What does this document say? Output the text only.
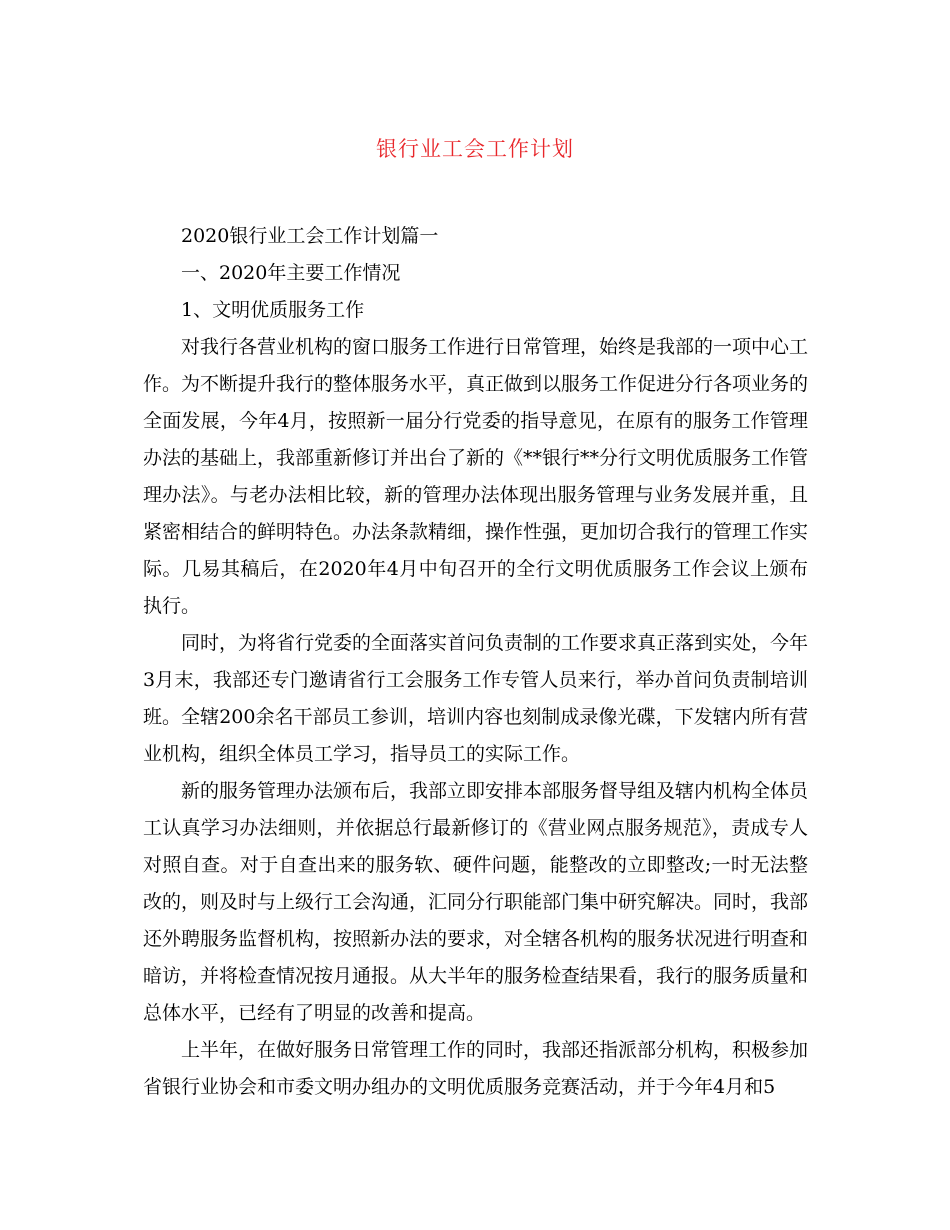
银行业工会工作计划

2020银行业工会工作计划篇一

一、2020年主要工作情况

1、文明优质服务工作

对我行各营业机构的窗口服务工作进行日常管理，始终是我部的一项中心工作。为不断提升我行的整体服务水平，真正做到以服务工作促进分行各项业务的全面发展，今年4月，按照新一届分行党委的指导意见，在原有的服务工作管理办法的基础上，我部重新修订并出台了新的《**银行**分行文明优质服务工作管理办法》。与老办法相比较，新的管理办法体现出服务管理与业务发展并重，且紧密相结合的鲜明特色。办法条款精细，操作性强，更加切合我行的管理工作实际。几易其稿后，在2020年4月中旬召开的全行文明优质服务工作会议上颁布执行。

同时，为将省行党委的全面落实首问负责制的工作要求真正落到实处，今年3月末，我部还专门邀请省行工会服务工作专管人员来行，举办首问负责制培训班。全辖200余名干部员工参训，培训内容也刻制成录像光碟，下发辖内所有营业机构，组织全体员工学习，指导员工的实际工作。

新的服务管理办法颁布后，我部立即安排本部服务督导组及辖内机构全体员工认真学习办法细则，并依据总行最新修订的《营业网点服务规范》，责成专人对照自查。对于自查出来的服务软、硬件问题，能整改的立即整改;一时无法整改的，则及时与上级行工会沟通，汇同分行职能部门集中研究解决。同时，我部还外聘服务监督机构，按照新办法的要求，对全辖各机构的服务状况进行明查和暗访，并将检查情况按月通报。从大半年的服务检查结果看，我行的服务质量和总体水平，已经有了明显的改善和提高。

上半年，在做好服务日常管理工作的同时，我部还指派部分机构，积极参加省银行业协会和市委文明办组办的文明优质服务竞赛活动，并于今年4月和5
